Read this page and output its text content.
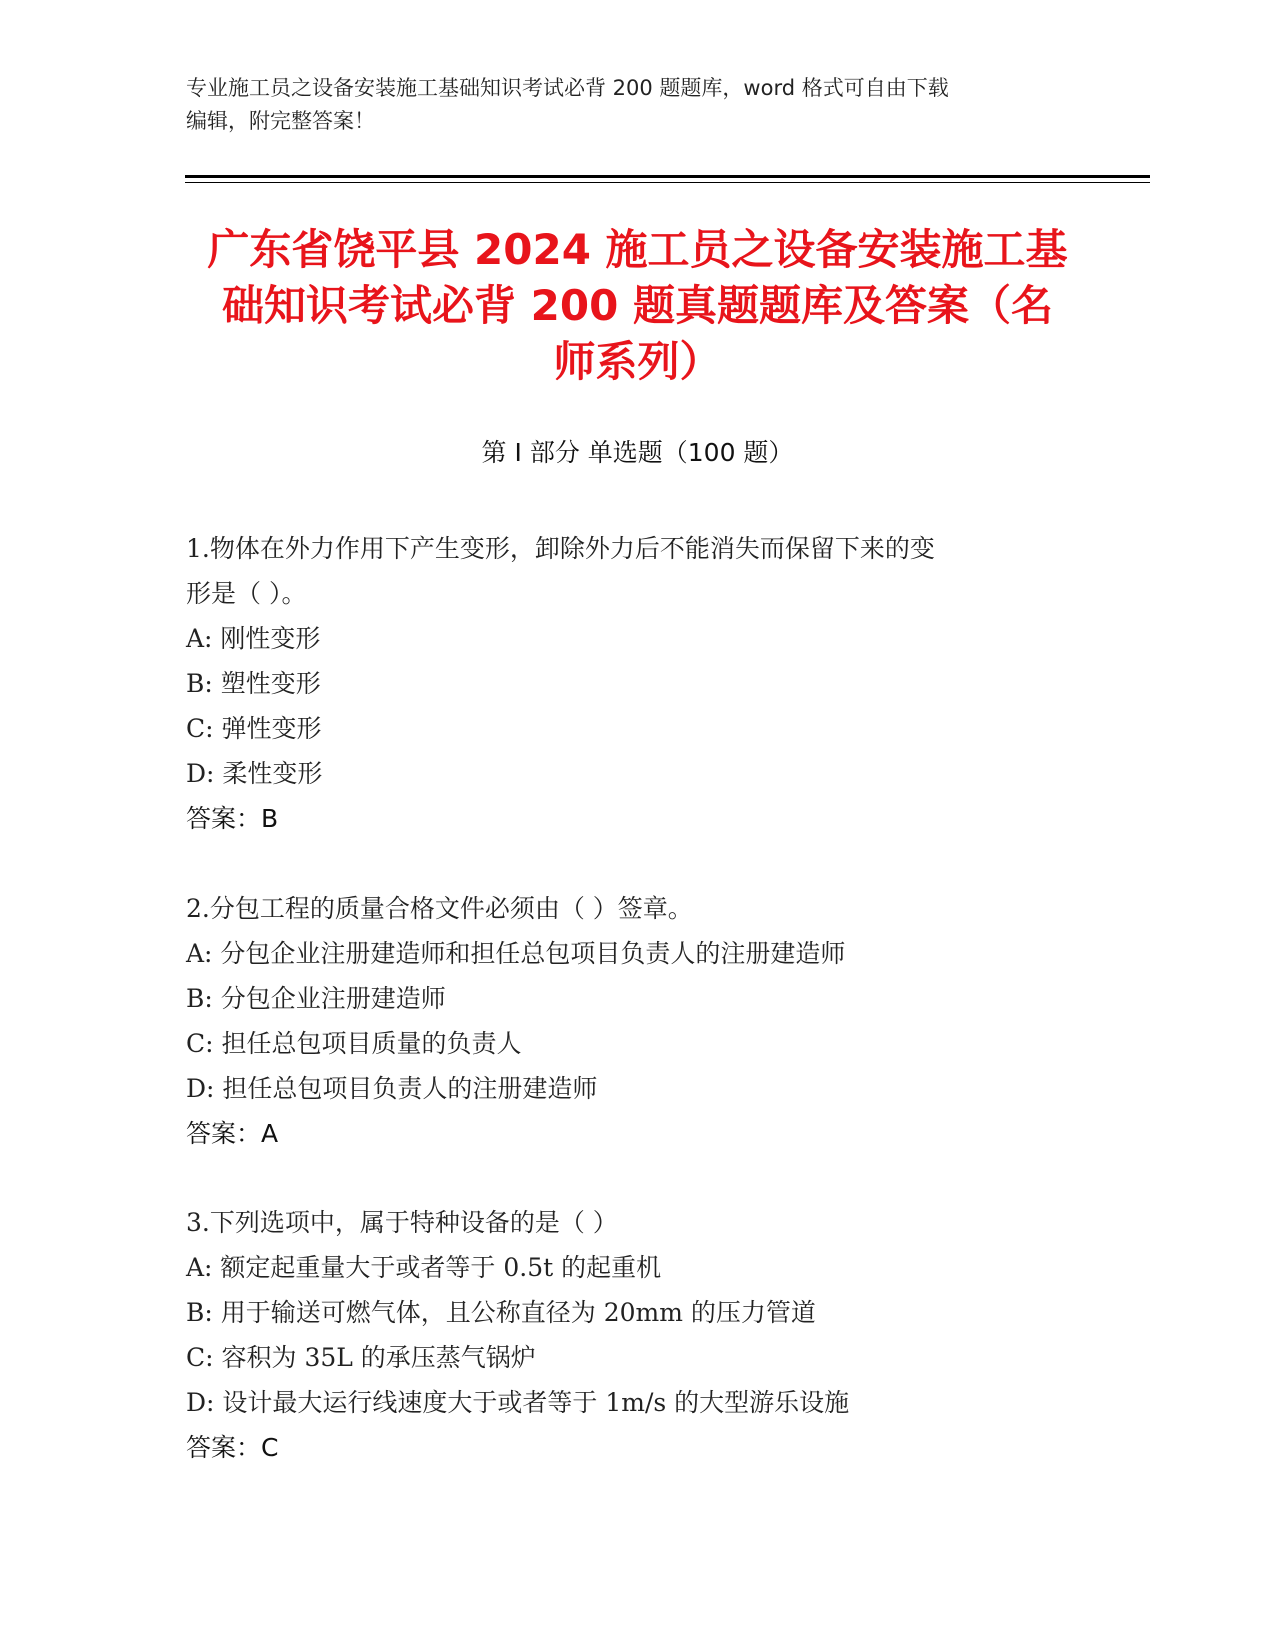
专业施工员之设备安装施工基础知识考试必背 200 题题库，word 格式可自由下载
编辑，附完整答案！
广东省饶平县 2024 施工员之设备安装施工基
础知识考试必背 200 题真题题库及答案（名
师系列）
第 I 部分 单选题（100 题）
1.物体在外力作用下产生变形，卸除外力后不能消失而保留下来的变
形是（ ）。
A: 刚性变形
B: 塑性变形
C: 弹性变形
D: 柔性变形
答案：B
2.分包工程的质量合格文件必须由（ ）签章。
A: 分包企业注册建造师和担任总包项目负责人的注册建造师
B: 分包企业注册建造师
C: 担任总包项目质量的负责人
D: 担任总包项目负责人的注册建造师
答案：A
3.下列选项中，属于特种设备的是（ ）
A: 额定起重量大于或者等于 0.5t 的起重机
B: 用于输送可燃气体，且公称直径为 20mm 的压力管道
C: 容积为 35L 的承压蒸气锅炉
D: 设计最大运行线速度大于或者等于 1m/s 的大型游乐设施
答案：C
